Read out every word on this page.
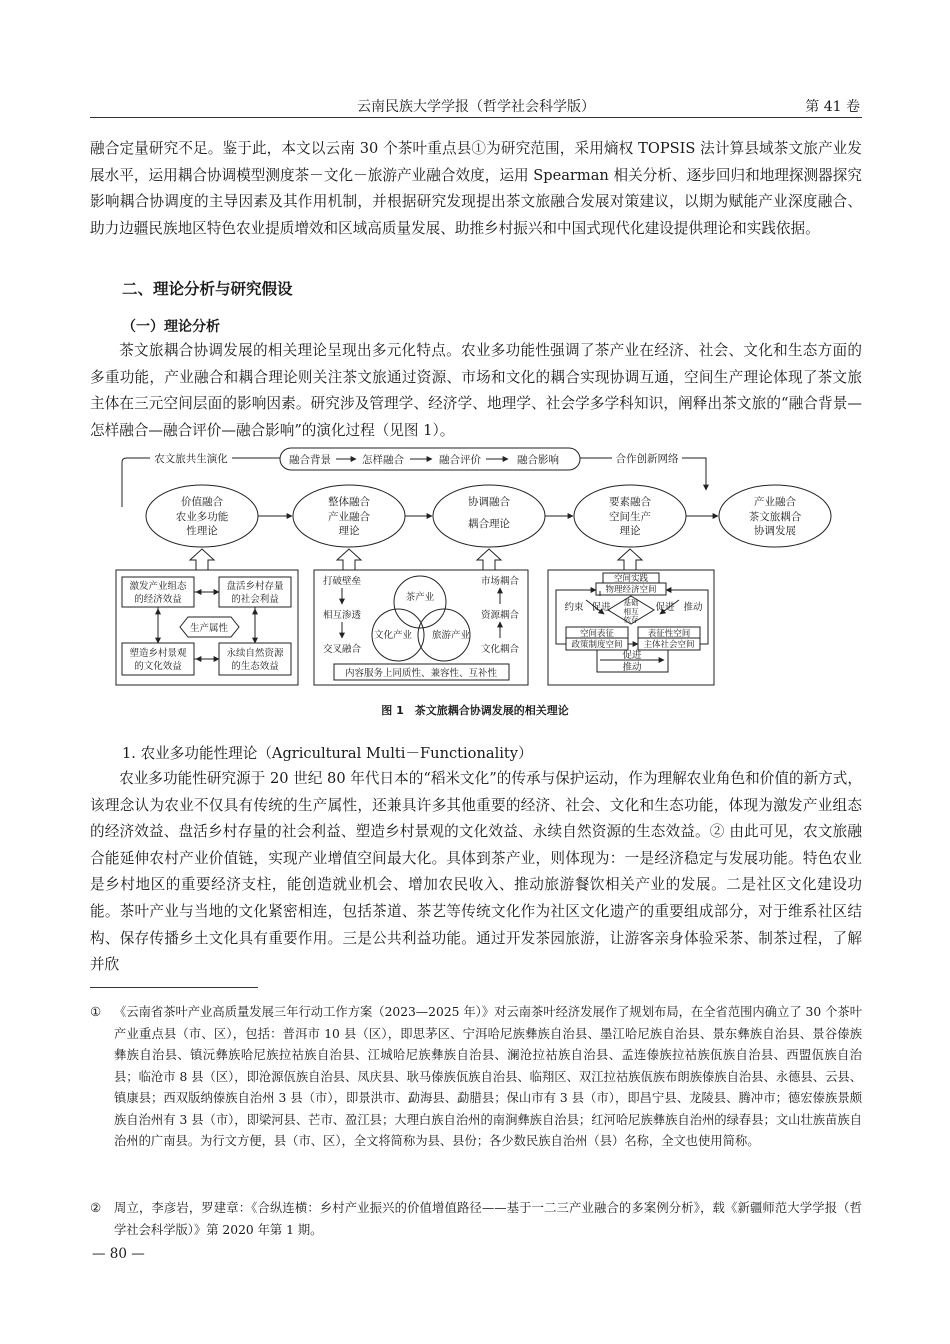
云南民族大学学报（哲学社会科学版）	第 41 卷
融合定量研究不足。鉴于此，本文以云南 30 个茶叶重点县①为研究范围，采用熵权 TOPSIS 法计算县域茶文旅产业发展水平，运用耦合协调模型测度茶－文化－旅游产业融合效度，运用 Spearman 相关分析、逐步回归和地理探测器探究影响耦合协调度的主导因素及其作用机制，并根据研究发现提出茶文旅融合发展对策建议，以期为赋能产业深度融合、助力边疆民族地区特色农业提质增效和区域高质量发展、助推乡村振兴和中国式现代化建设提供理论和实践依据。
二、理论分析与研究假设
（一）理论分析
茶文旅耦合协调发展的相关理论呈现出多元化特点。农业多功能性强调了茶产业在经济、社会、文化和生态方面的多重功能，产业融合和耦合理论则关注茶文旅通过资源、市场和文化的耦合实现协调互通，空间生产理论体现了茶文旅主体在三元空间层面的影响因素。研究涉及管理学、经济学、地理学、社会学多学科知识，阐释出茶文旅的“融合背景—怎样融合—融合评价—融合影响”的演化过程（见图 1）。
农文旅共生演化	合作创新网络
融合背景	怎样融合	融合评价	融合影响
价值融合
农业多功能
性理论
整体融合
产业融合
理论
协调融合
耦合理论
要素融合
空间生产
理论
产业融合
茶文旅耦合
协调发展
激发产业组态
的经济效益
盘活乡村存量
的社会利益
生产属性
塑造乡村景观
的文化效益
永续自然资源
的生态效益
打破壁垒
相互渗透
交叉融合
茶产业
文化产业 旅游产业
市场耦合
资源耦合
文化耦合
内容服务上同质性、兼容性、互补性
空间实践
物理经济空间
基础
相互
依存
约束 促进	促进 推动
空间表征
政策制度空间
表征性空间
主体社会空间
促进
推动
图 1　茶文旅耦合协调发展的相关理论
1. 农业多功能性理论（Agricultural Multi－Functionality）
农业多功能性研究源于 20 世纪 80 年代日本的“稻米文化”的传承与保护运动，作为理解农业角色和价值的新方式，该理念认为农业不仅具有传统的生产属性，还兼具许多其他重要的经济、社会、文化和生态功能，体现为激发产业组态的经济效益、盘活乡村存量的社会利益、塑造乡村景观的文化效益、永续自然资源的生态效益。② 由此可见，农文旅融合能延伸农村产业价值链，实现产业增值空间最大化。具体到茶产业，则体现为：一是经济稳定与发展功能。特色农业是乡村地区的重要经济支柱，能创造就业机会、增加农民收入、推动旅游餐饮相关产业的发展。二是社区文化建设功能。茶叶产业与当地的文化紧密相连，包括茶道、茶艺等传统文化作为社区文化遗产的重要组成部分，对于维系社区结构、保存传播乡土文化具有重要作用。三是公共利益功能。通过开发茶园旅游，让游客亲身体验采茶、制茶过程，了解并欣
①	《云南省茶叶产业高质量发展三年行动工作方案（2023—2025 年）》对云南茶叶经济发展作了规划布局，在全省范围内确立了 30 个茶叶产业重点县（市、区），包括：普洱市 10 县（区），即思茅区、宁洱哈尼族彝族自治县、墨江哈尼族自治县、景东彝族自治县、景谷傣族彝族自治县、镇沅彝族哈尼族拉祜族自治县、江城哈尼族彝族自治县、澜沧拉祜族自治县、孟连傣族拉祜族佤族自治县、西盟佤族自治县；临沧市 8 县（区），即沧源佤族自治县、凤庆县、耿马傣族佤族自治县、临翔区、双江拉祜族佤族布朗族傣族自治县、永德县、云县、镇康县；西双版纳傣族自治州 3 县（市），即景洪市、勐海县、勐腊县；保山市有 3 县（市），即昌宁县、龙陵县、腾冲市；德宏傣族景颇族自治州有 3 县（市），即梁河县、芒市、盈江县；大理白族自治州的南涧彝族自治县；红河哈尼族彝族自治州的绿春县；文山壮族苗族自治州的广南县。为行文方便，县（市、区），全文将简称为县、县份；各少数民族自治州（县）名称，全文也使用简称。
②	周立，李彦岩，罗建章：《合纵连横：乡村产业振兴的价值增值路径——基于一二三产业融合的多案例分析》，载《新疆师范大学学报（哲学社会科学版）》第 2020 年第 1 期。
— 80 —
